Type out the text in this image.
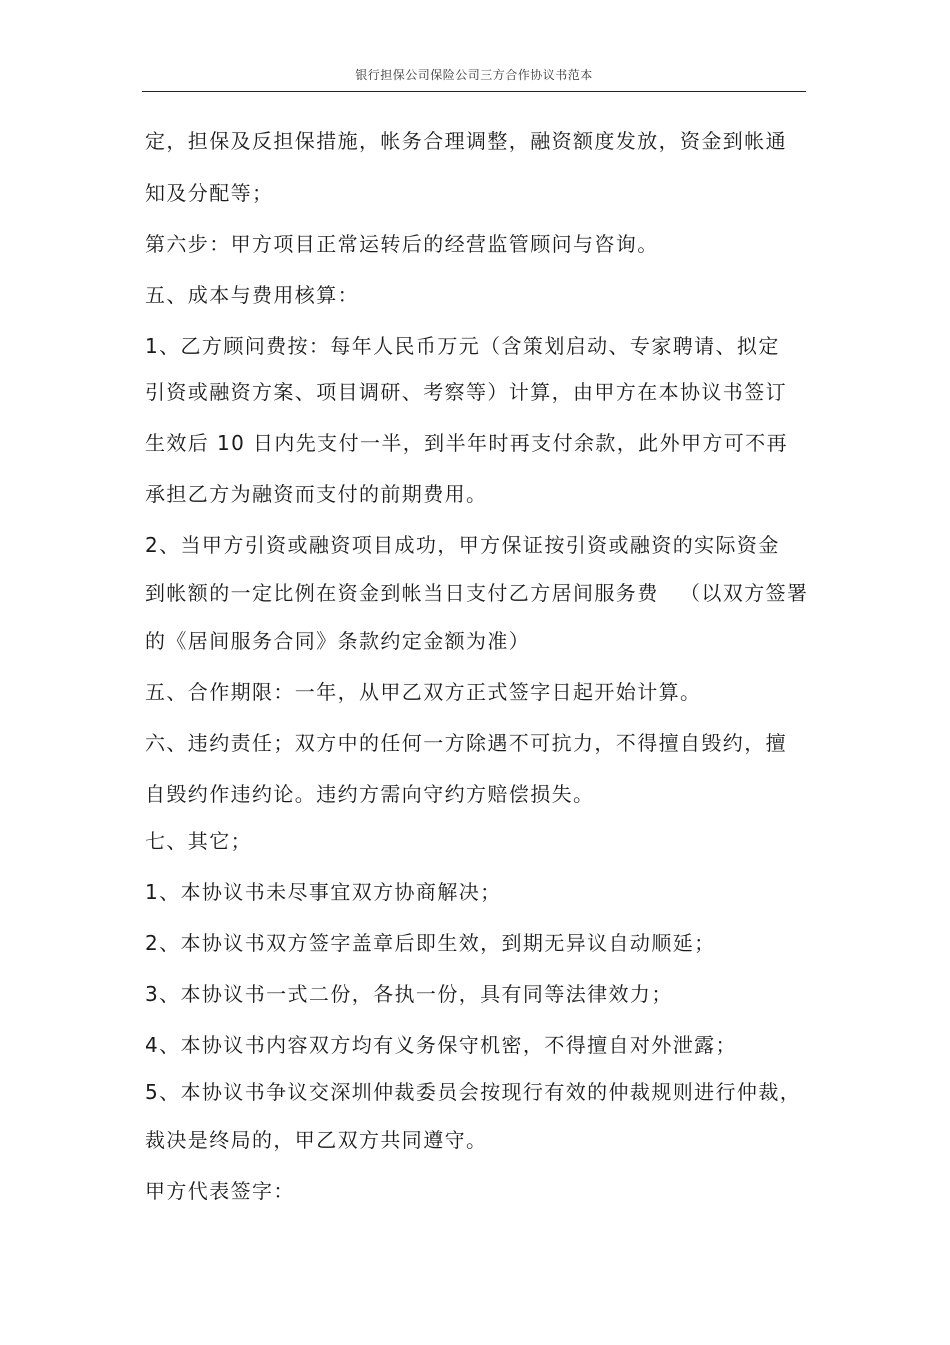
银行担保公司保险公司三方合作协议书范本
定，担保及反担保措施，帐务合理调整，融资额度发放，资金到帐通
知及分配等；
第六步：甲方项目正常运转后的经营监管顾问与咨询。
五、成本与费用核算：
1、乙方顾问费按：每年人民币万元（含策划启动、专家聘请、拟定
引资或融资方案、项目调研、考察等）计算，由甲方在本协议书签订
生效后 10 日内先支付一半，到半年时再支付余款，此外甲方可不再
承担乙方为融资而支付的前期费用。
2、当甲方引资或融资项目成功，甲方保证按引资或融资的实际资金
到帐额的一定比例在资金到帐当日支付乙方居间服务费 （以双方签署
的《居间服务合同》条款约定金额为准）
五、合作期限：一年，从甲乙双方正式签字日起开始计算。
六、违约责任；双方中的任何一方除遇不可抗力，不得擅自毁约，擅
自毁约作违约论。违约方需向守约方赔偿损失。
七、其它；
1、本协议书未尽事宜双方协商解决；
2、本协议书双方签字盖章后即生效，到期无异议自动顺延；
3、本协议书一式二份，各执一份，具有同等法律效力；
4、本协议书内容双方均有义务保守机密，不得擅自对外泄露；
5、本协议书争议交深圳仲裁委员会按现行有效的仲裁规则进行仲裁，
裁决是终局的，甲乙双方共同遵守。
甲方代表签字：
